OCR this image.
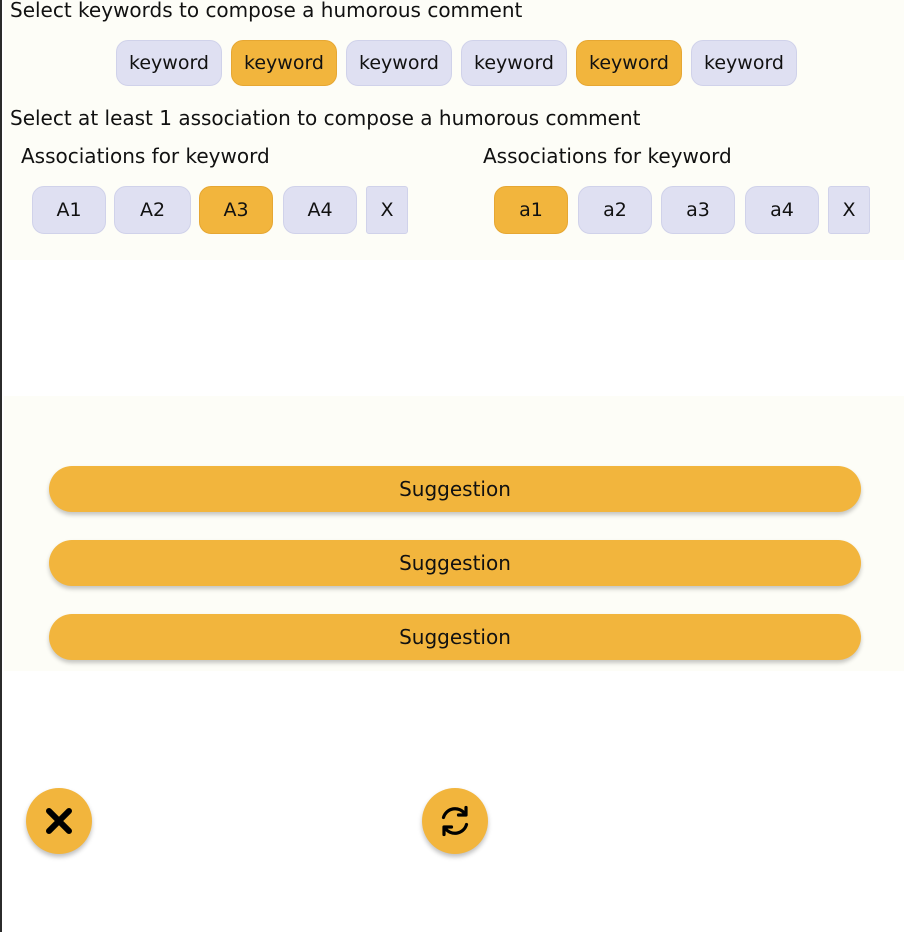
Select keywords to compose a humorous comment
keyword	keyword	keyword	keyword	keyword	keyword
Select at least 1 association to compose a humorous comment
Associations for keyword
A1	A2	A3	A4	X
Associations for keyword
a1	a2	a3	a4	X
Suggestion
Suggestion
Suggestion
